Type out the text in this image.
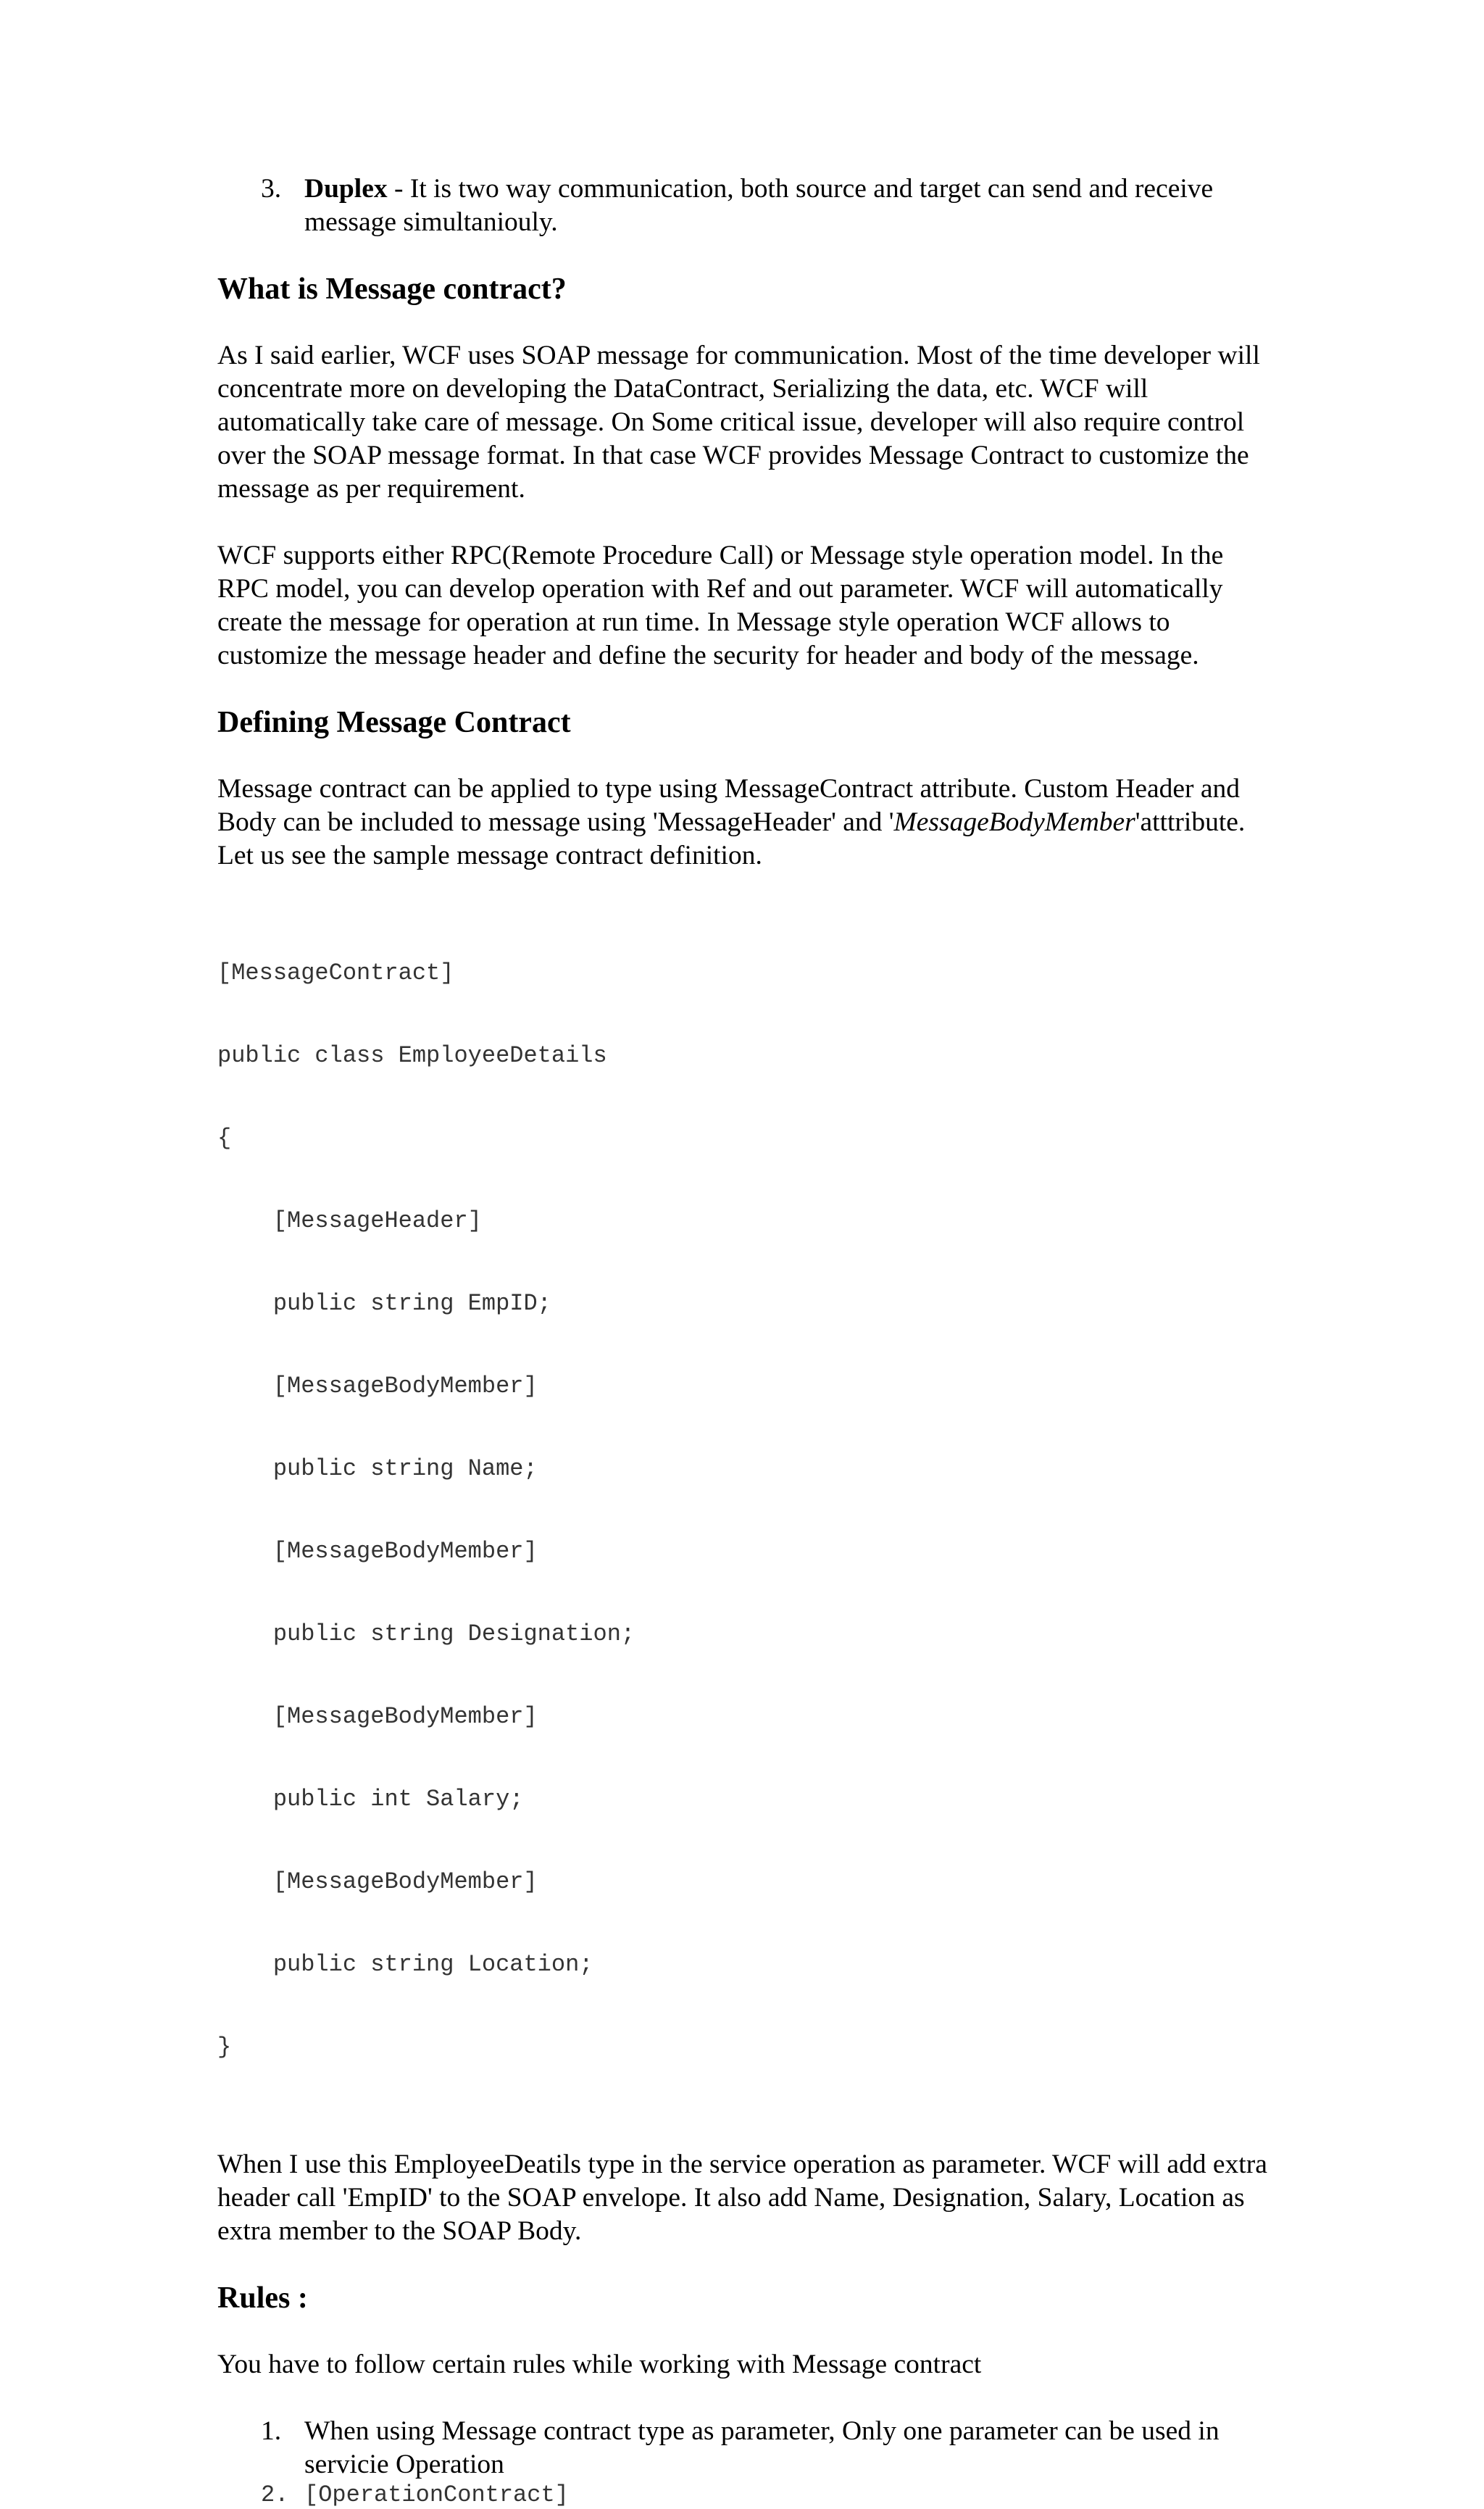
3. Duplex - It is two way communication, both source and target can send and receive message simultaniouly.
What is Message contract?

As I said earlier, WCF uses SOAP message for communication. Most of the time developer will concentrate more on developing the DataContract, Serializing the data, etc. WCF will automatically take care of message. On Some critical issue, developer will also require control over the SOAP message format. In that case WCF provides Message Contract to customize the message as per requirement.

WCF supports either RPC(Remote Procedure Call) or Message style operation model. In the RPC model, you can develop operation with Ref and out parameter. WCF will automatically create the message for operation at run time. In Message style operation WCF allows to customize the message header and define the security for header and body of the message.

Defining Message Contract

Message contract can be applied to type using MessageContract attribute. Custom Header and Body can be included to message using 'MessageHeader' and 'MessageBodyMember'atttribute. Let us see the sample message contract definition.

[MessageContract]

public class EmployeeDetails

{

[MessageHeader]

public string EmpID;

[MessageBodyMember]

public string Name;

[MessageBodyMember]

public string Designation;

[MessageBodyMember]

public int Salary;

[MessageBodyMember]

public string Location;

}

When I use this EmployeeDeatils type in the service operation as parameter. WCF will add extra header call 'EmpID' to the SOAP envelope. It also add Name, Designation, Salary, Location as extra member to the SOAP Body.

Rules :

You have to follow certain rules while working with Message contract

1. When using Message contract type as parameter, Only one parameter can be used in servicie Operation
2. [OperationContract]
